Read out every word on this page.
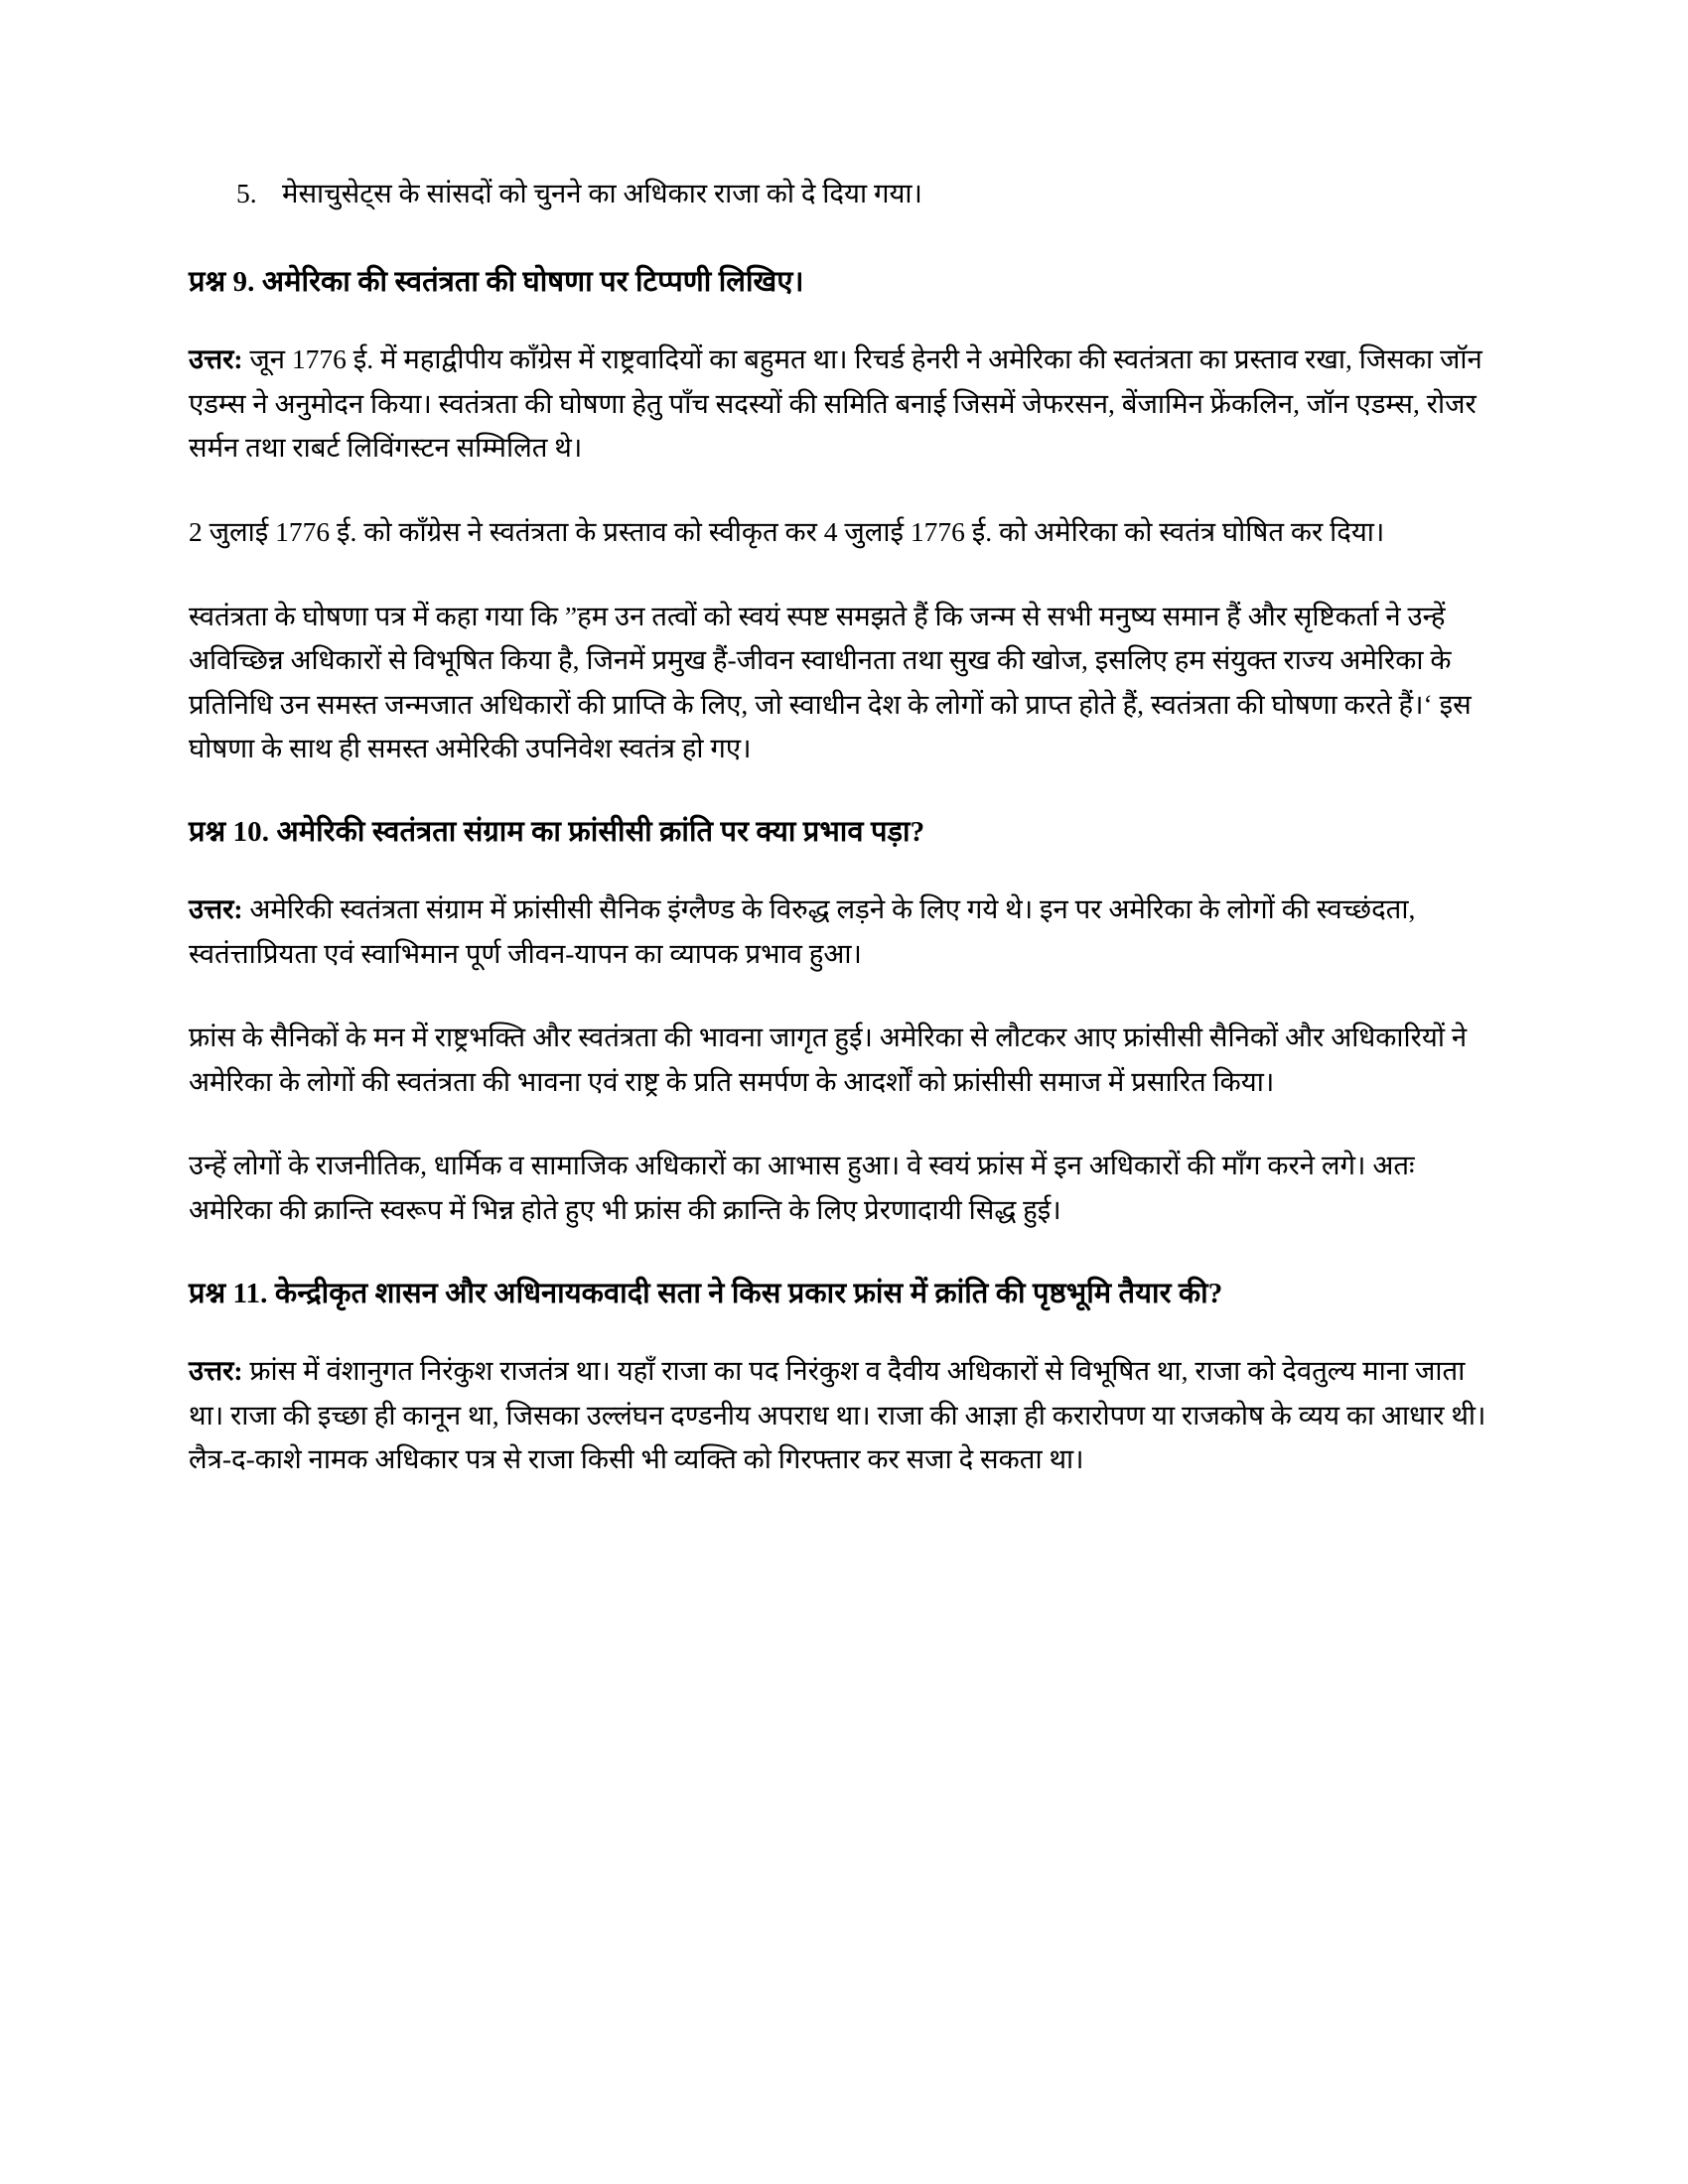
5. मेसाचुसेट्स के सांसदों को चुनने का अधिकार राजा को दे दिया गया।
प्रश्न 9. अमेरिका की स्वतंत्रता की घोषणा पर टिप्पणी लिखिए।

उत्तर: जून 1776 ई. में महाद्वीपीय काँग्रेस में राष्ट्रवादियों का बहुमत था। रिचर्ड हेनरी ने अमेरिका की स्वतंत्रता का प्रस्ताव रखा, जिसका जॉन एडम्स ने अनुमोदन किया। स्वतंत्रता की घोषणा हेतु पाँच सदस्यों की समिति बनाई जिसमें जेफरसन, बेंजामिन फ्रेंकलिन, जॉन एडम्स, रोजर सर्मन तथा राबर्ट लिविंगस्टन सम्मिलित थे।

2 जुलाई 1776 ई. को काँग्रेस ने स्वतंत्रता के प्रस्ताव को स्वीकृत कर 4 जुलाई 1776 ई. को अमेरिका को स्वतंत्र घोषित कर दिया।

स्वतंत्रता के घोषणा पत्र में कहा गया कि ”हम उन तत्वों को स्वयं स्पष्ट समझते हैं कि जन्म से सभी मनुष्य समान हैं और सृष्टिकर्ता ने उन्हें अविच्छिन्न अधिकारों से विभूषित किया है, जिनमें प्रमुख हैं-जीवन स्वाधीनता तथा सुख की खोज, इसलिए हम संयुक्त राज्य अमेरिका के प्रतिनिधि उन समस्त जन्मजात अधिकारों की प्राप्ति के लिए, जो स्वाधीन देश के लोगों को प्राप्त होते हैं, स्वतंत्रता की घोषणा करते हैं।‘ इस घोषणा के साथ ही समस्त अमेरिकी उपनिवेश स्वतंत्र हो गए।

प्रश्न 10. अमेरिकी स्वतंत्रता संग्राम का फ्रांसीसी क्रांति पर क्या प्रभाव पड़ा?

उत्तर: अमेरिकी स्वतंत्रता संग्राम में फ्रांसीसी सैनिक इंग्लैण्ड के विरुद्ध लड़ने के लिए गये थे। इन पर अमेरिका के लोगों की स्वच्छंदता, स्वतंत्ताप्रियता एवं स्वाभिमान पूर्ण जीवन-यापन का व्यापक प्रभाव हुआ।

फ्रांस के सैनिकों के मन में राष्ट्रभक्ति और स्वतंत्रता की भावना जागृत हुई। अमेरिका से लौटकर आए फ्रांसीसी सैनिकों और अधिकारियों ने अमेरिका के लोगों की स्वतंत्रता की भावना एवं राष्ट्र के प्रति समर्पण के आदर्शों को फ्रांसीसी समाज में प्रसारित किया।

उन्हें लोगों के राजनीतिक, धार्मिक व सामाजिक अधिकारों का आभास हुआ। वे स्वयं फ्रांस में इन अधिकारों की माँग करने लगे। अतः अमेरिका की क्रान्ति स्वरूप में भिन्न होते हुए भी फ्रांस की क्रान्ति के लिए प्रेरणादायी सिद्ध हुई।

प्रश्न 11. केन्द्रीकृत शासन और अधिनायकवादी सता ने किस प्रकार फ्रांस में क्रांति की पृष्ठभूमि तैयार की?

उत्तर: फ्रांस में वंशानुगत निरंकुश राजतंत्र था। यहाँ राजा का पद निरंकुश व दैवीय अधिकारों से विभूषित था, राजा को देवतुल्य माना जाता था। राजा की इच्छा ही कानून था, जिसका उल्लंघन दण्डनीय अपराध था। राजा की आज्ञा ही करारोपण या राजकोष के व्यय का आधार थी। लैत्र-द-काशे नामक अधिकार पत्र से राजा किसी भी व्यक्ति को गिरफ्तार कर सजा दे सकता था।
